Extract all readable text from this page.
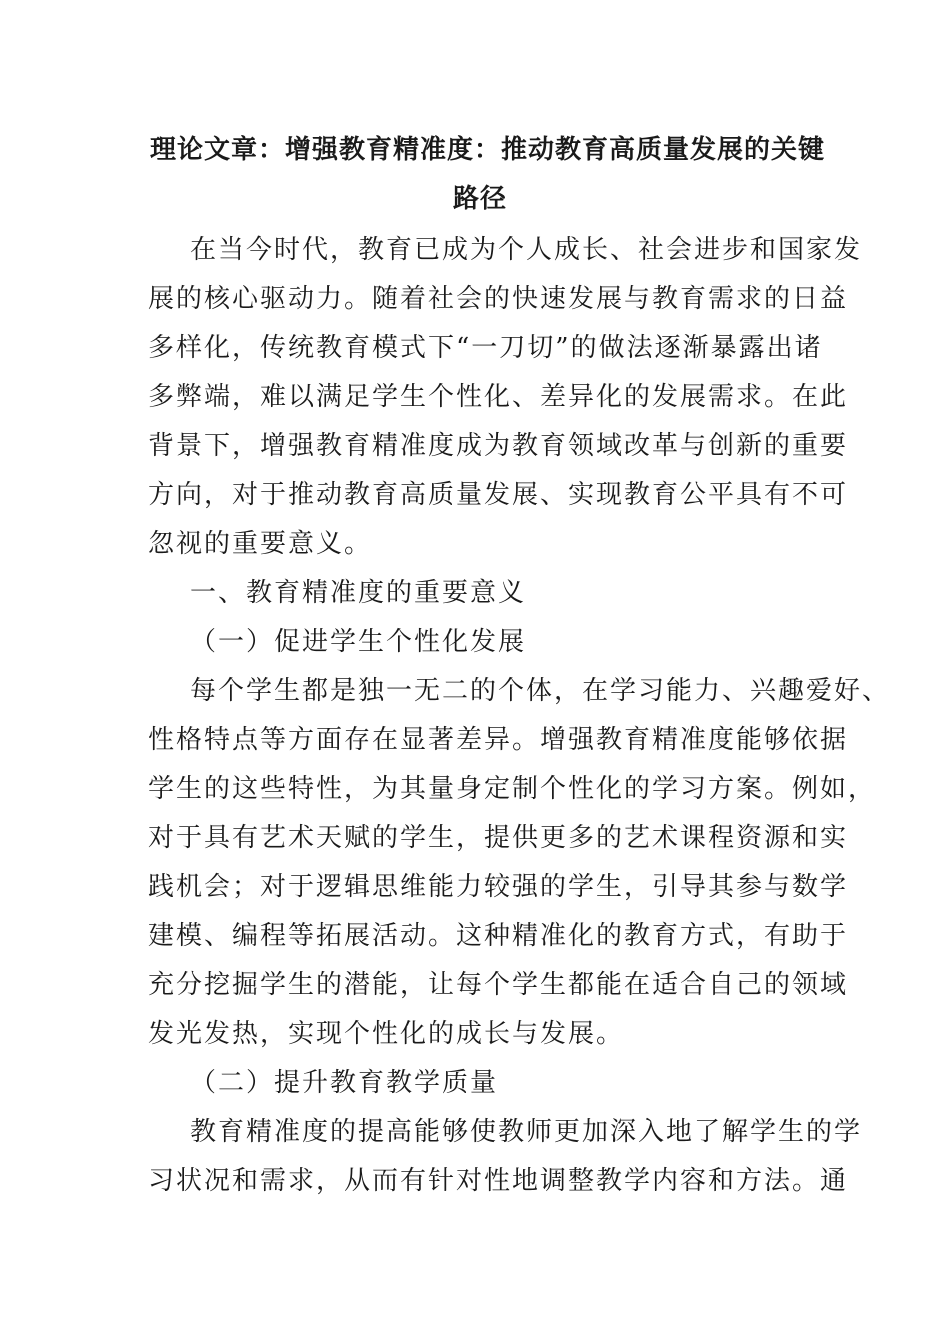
理论文章：增强教育精准度：推动教育高质量发展的关键
路径
在当今时代，教育已成为个人成长、社会进步和国家发
展的核心驱动力。随着社会的快速发展与教育需求的日益
多样化，传统教育模式下“一刀切”的做法逐渐暴露出诸
多弊端，难以满足学生个性化、差异化的发展需求。在此
背景下，增强教育精准度成为教育领域改革与创新的重要
方向，对于推动教育高质量发展、实现教育公平具有不可
忽视的重要意义。
一、教育精准度的重要意义
（一）促进学生个性化发展
每个学生都是独一无二的个体，在学习能力、兴趣爱好、
性格特点等方面存在显著差异。增强教育精准度能够依据
学生的这些特性，为其量身定制个性化的学习方案。例如，
对于具有艺术天赋的学生，提供更多的艺术课程资源和实
践机会；对于逻辑思维能力较强的学生，引导其参与数学
建模、编程等拓展活动。这种精准化的教育方式，有助于
充分挖掘学生的潜能，让每个学生都能在适合自己的领域
发光发热，实现个性化的成长与发展。
（二）提升教育教学质量
教育精准度的提高能够使教师更加深入地了解学生的学
习状况和需求，从而有针对性地调整教学内容和方法。通
